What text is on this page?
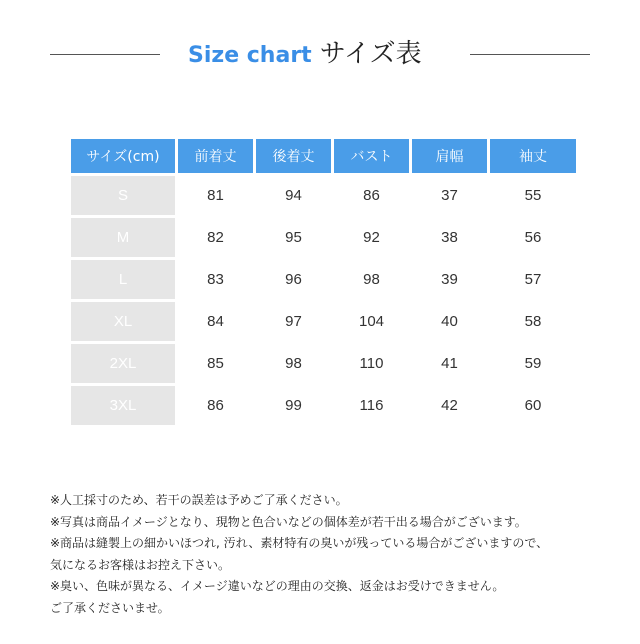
Size chart サイズ表
サイズ(cm)	前着丈	後着丈	バスト	肩幅	袖丈
S	81	94	86	37	55
M	82	95	92	38	56
L	83	96	98	39	57
XL	84	97	104	40	58
2XL	85	98	110	41	59
3XL	86	99	116	42	60
※人工採寸のため、若干の誤差は予めご了承ください。
※写真は商品イメージとなり、現物と色合いなどの個体差が若干出る場合がございます。
※商品は縫製上の細かいほつれ, 汚れ、素材特有の臭いが残っている場合がございますので、
気になるお客様はお控え下さい。
※臭い、色味が異なる、イメージ違いなどの理由の交換、返金はお受けできません。
ご了承くださいませ。
